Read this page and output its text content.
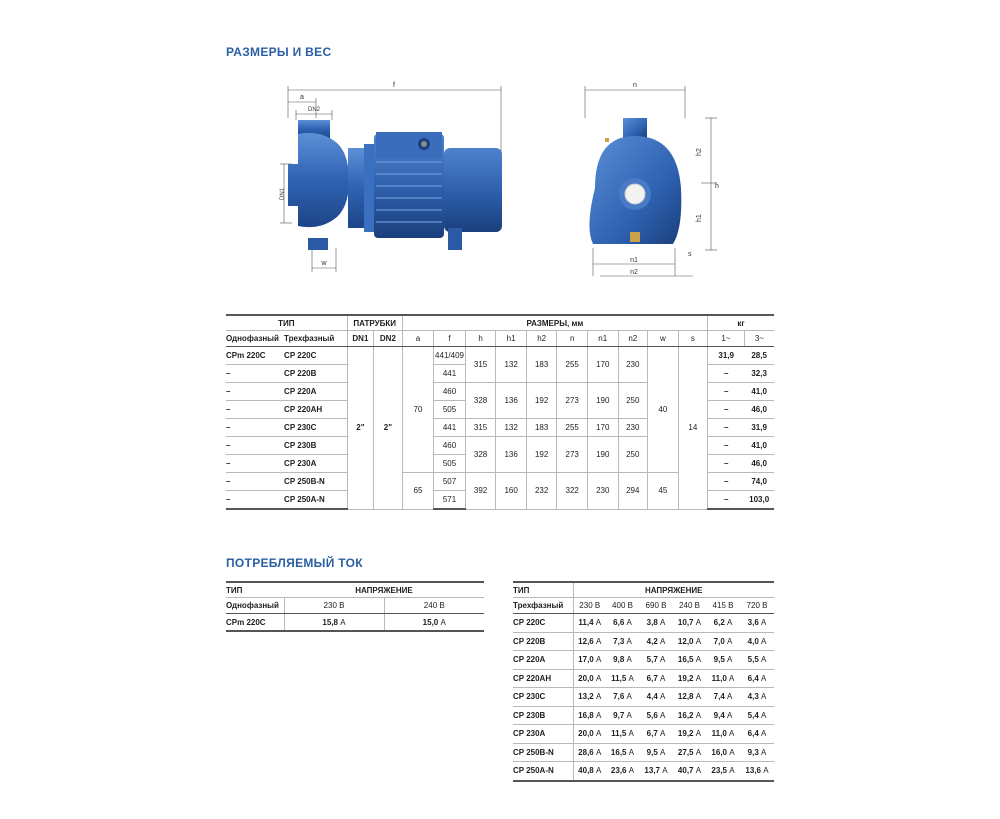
РАЗМЕРЫ И ВЕС
f
a
DN2
DN1
w
n
h2
h
h1
n1
n2
s
ТИП		ПАТРУБКИ		РАЗМЕРЫ, мм										кг	
Однофазный	Трехфазный	DN1	DN2	a	f	h	h1	h2	n	n1	n2	w	s	1~	3~
CPm 220C	CP 220C	2"	2"	70	441/409	315	132	183	255	170	230	40	14	31,9	28,5
–	CP 220B				441									–	32,3
–	CP 220A				460	328	136	192	273	190	250			–	41,0
–	CP 220AH				505									–	46,0
–	CP 230C				441	315	132	183	255	170	230			–	31,9
–	CP 230B				460	328	136	192	273	190	250			–	41,0
–	CP 230A				505									–	46,0
–	CP 250B-N			65	507	392	160	232	322	230	294	45		–	74,0
–	CP 250A-N				571									–	103,0
ПОТРЕБЛЯЕМЫЙ ТОК
ТИП	НАПРЯЖЕНИЕ	
Однофазный	230 В	240 В
CPm 220C	15,8 А	15,0 А
ТИП	НАПРЯЖЕНИЕ					
Трехфазный	230 В	400 В	690 В	240 В	415 В	720 В
CP 220C	11,4 А	6,6 А	3,8 А	10,7 А	6,2 А	3,6 А
CP 220B	12,6 А	7,3 А	4,2 А	12,0 А	7,0 А	4,0 А
CP 220A	17,0 А	9,8 А	5,7 А	16,5 А	9,5 А	5,5 А
CP 220AH	20,0 А	11,5 А	6,7 А	19,2 А	11,0 А	6,4 А
CP 230C	13,2 А	7,6 А	4,4 А	12,8 А	7,4 А	4,3 А
CP 230B	16,8 А	9,7 А	5,6 А	16,2 А	9,4 А	5,4 А
CP 230A	20,0 А	11,5 А	6,7 А	19,2 А	11,0 А	6,4 А
CP 250B-N	28,6 А	16,5 А	9,5 А	27,5 А	16,0 А	9,3 А
CP 250A-N	40,8 А	23,6 А	13,7 А	40,7 А	23,5 А	13,6 А
